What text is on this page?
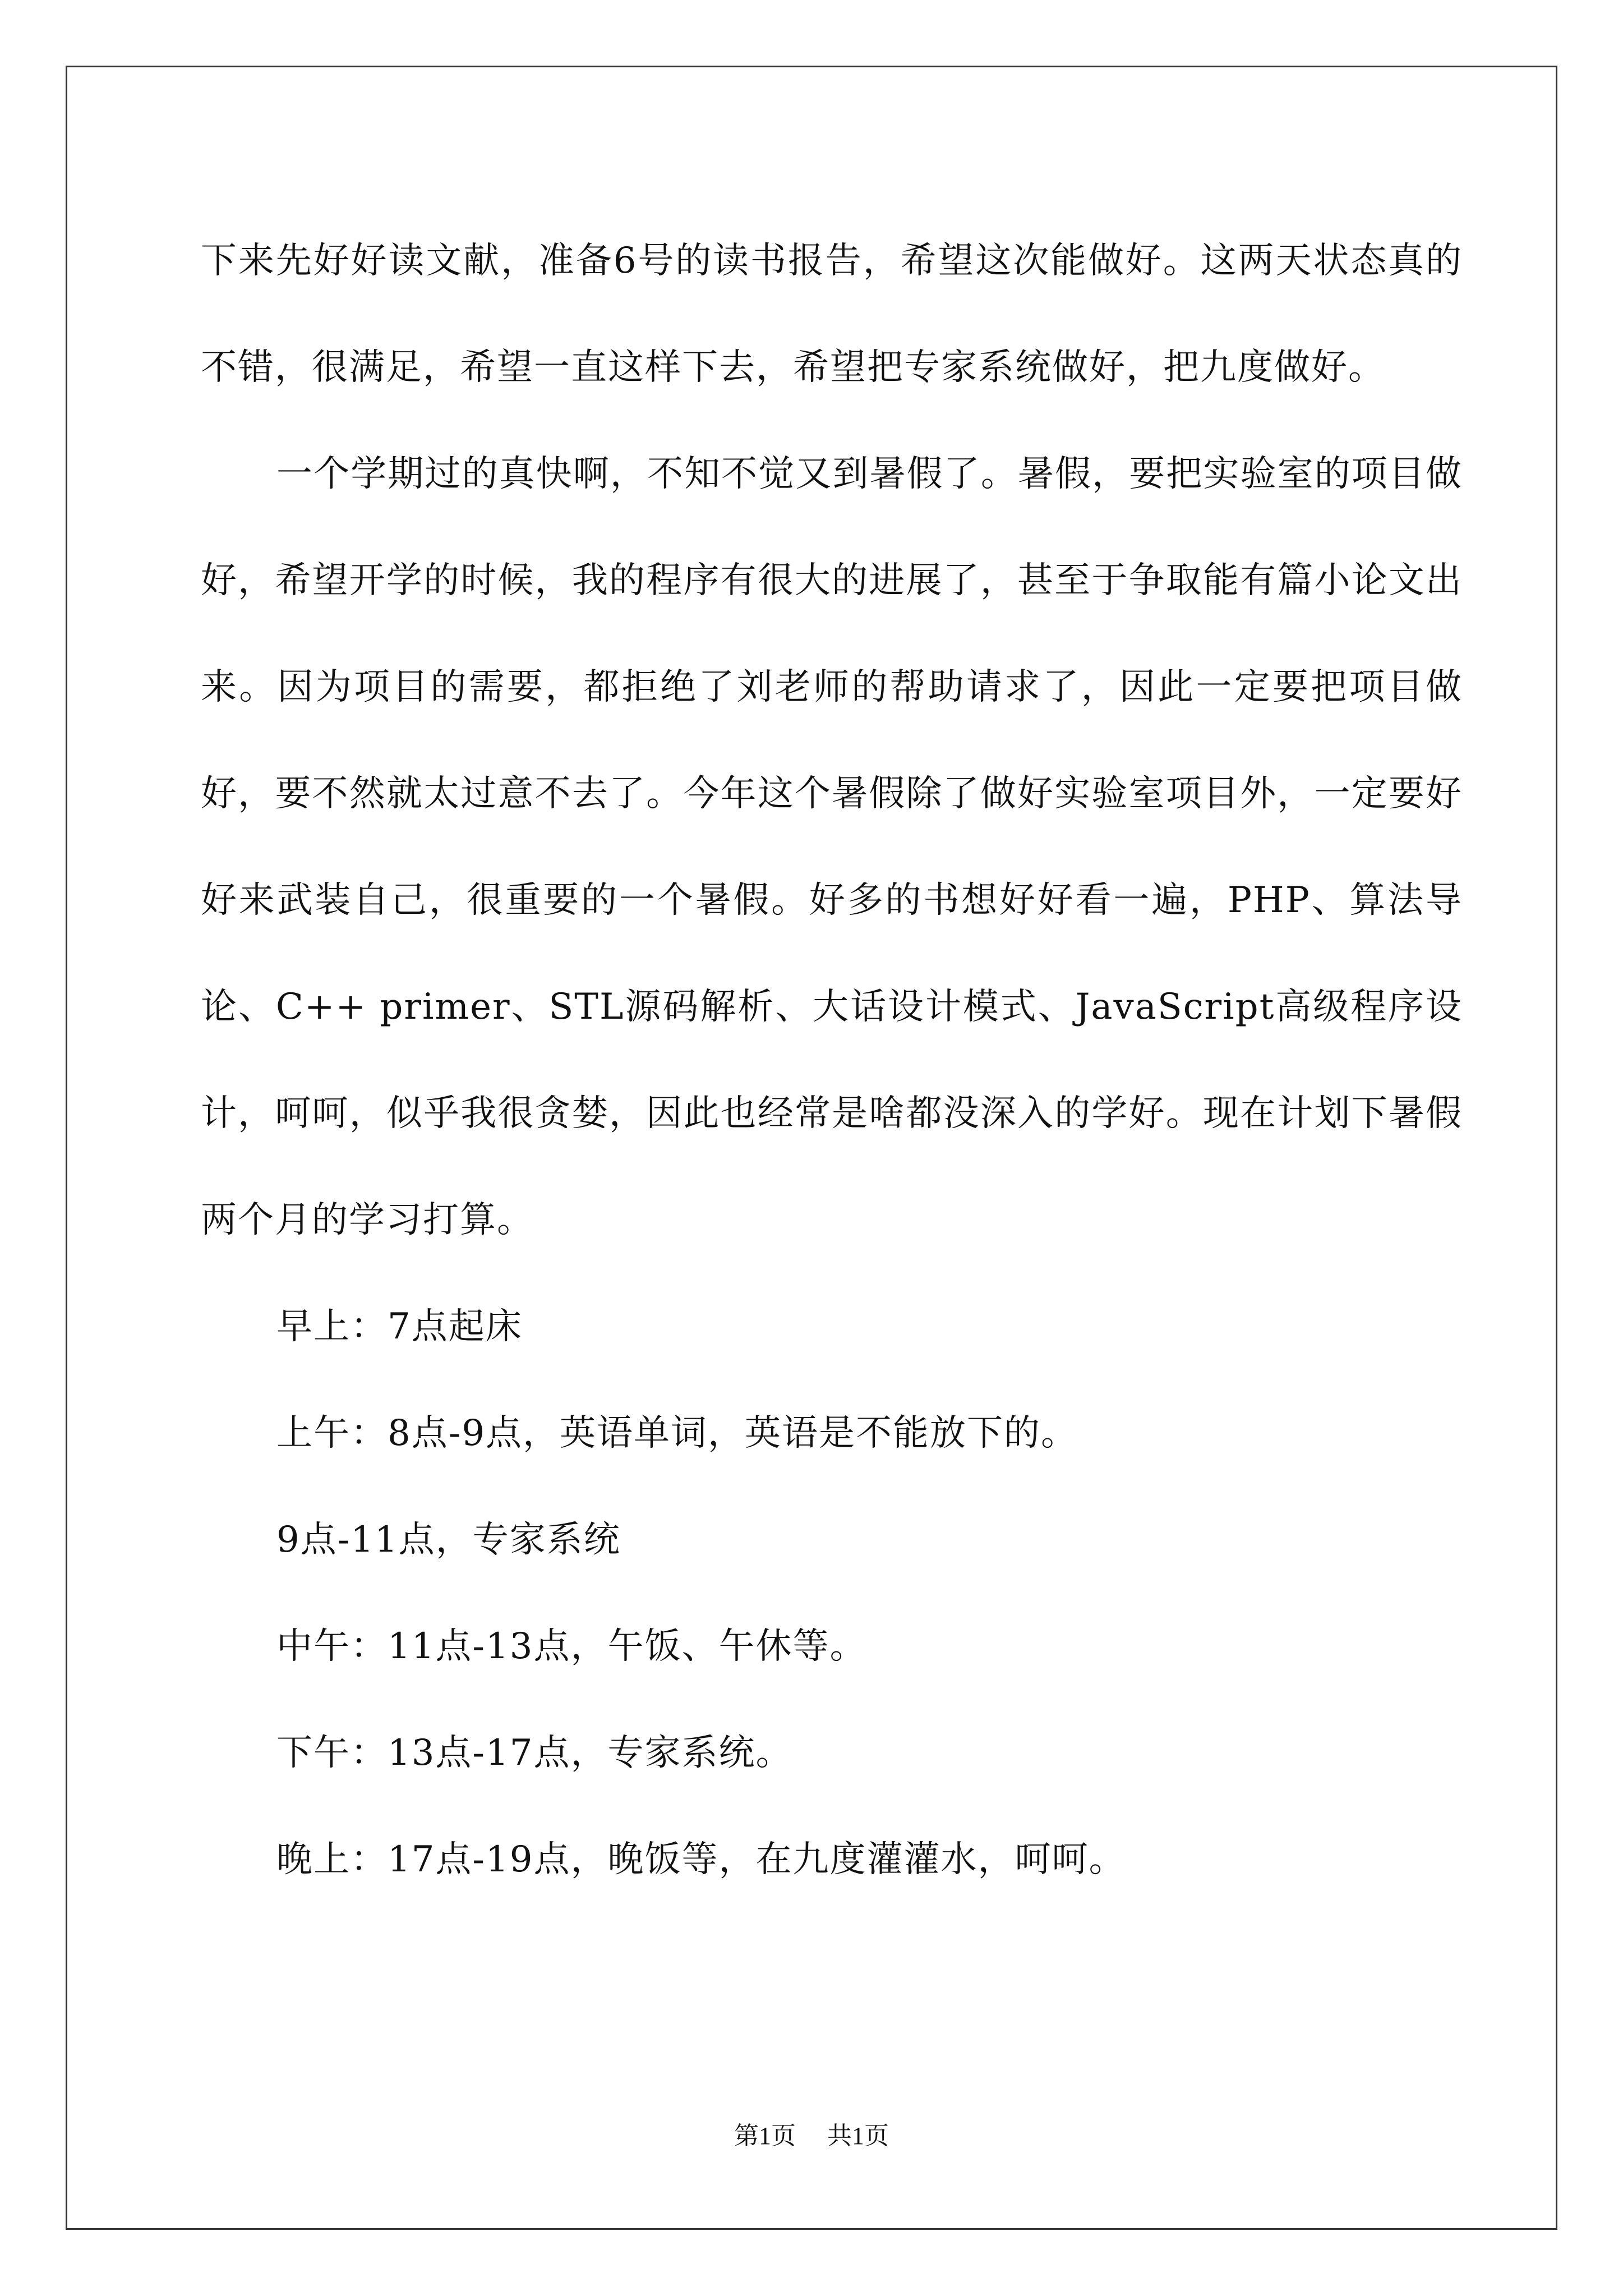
下来先好好读文献，准备6号的读书报告，希望这次能做好。这两天状态真的不错，很满足，希望一直这样下去，希望把专家系统做好，把九度做好。

一个学期过的真快啊，不知不觉又到暑假了。暑假，要把实验室的项目做好，希望开学的时候，我的程序有很大的进展了，甚至于争取能有篇小论文出来。因为项目的需要，都拒绝了刘老师的帮助请求了，因此一定要把项目做好，要不然就太过意不去了。今年这个暑假除了做好实验室项目外，一定要好好来武装自己，很重要的一个暑假。好多的书想好好看一遍，PHP、算法导论、C++ primer、STL源码解析、大话设计模式、JavaScript高级程序设计，呵呵，似乎我很贪婪，因此也经常是啥都没深入的学好。现在计划下暑假两个月的学习打算。

早上：7点起床

上午：8点-9点，英语单词，英语是不能放下的。

9点-11点，专家系统

中午：11点-13点，午饭、午休等。

下午：13点-17点，专家系统。

晚上：17点-19点，晚饭等，在九度灌灌水，呵呵。

第1页 共1页
